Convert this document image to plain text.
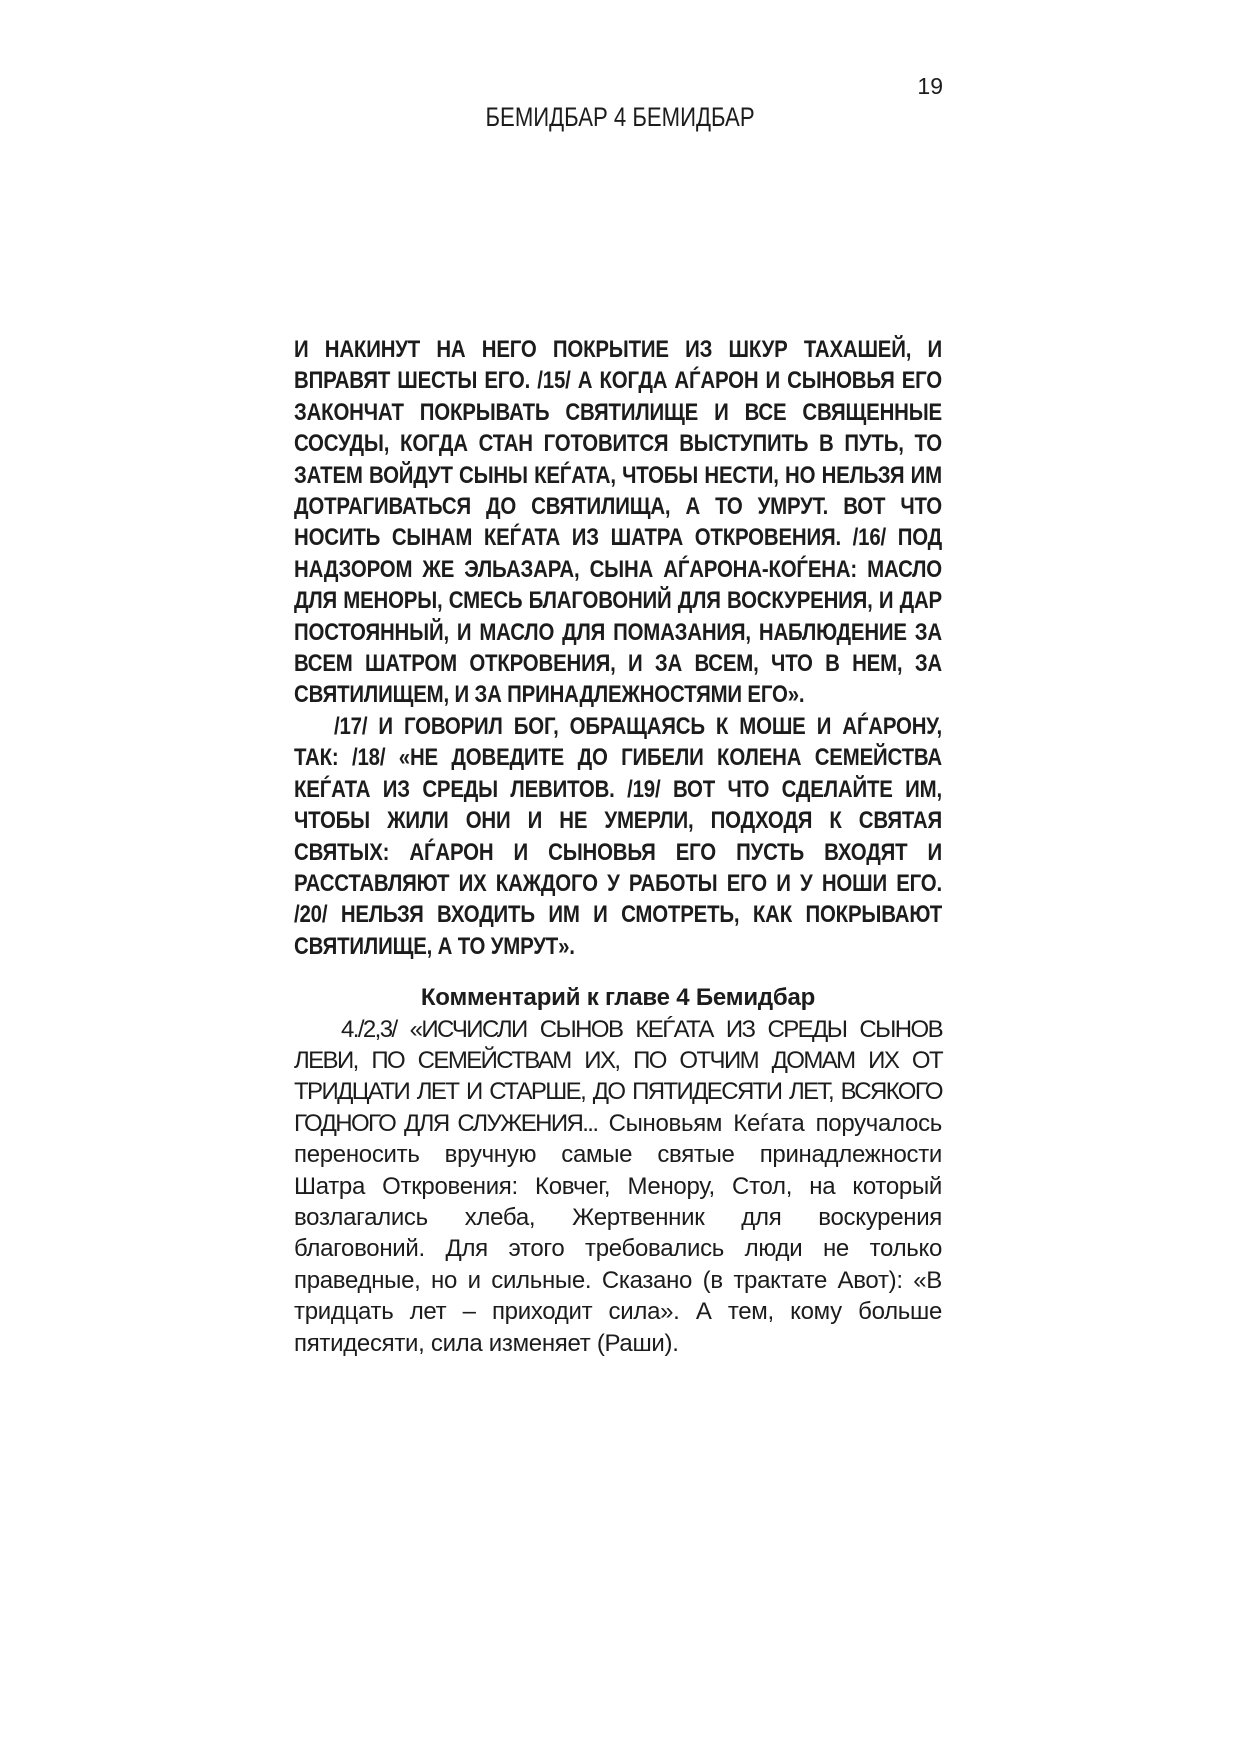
19
БЕМИДБАР 4 БЕМИДБАР

И НАКИНУТ НА НЕГО ПОКРЫТИЕ ИЗ ШКУР ТАХАШЕЙ, И ВПРАВЯТ ШЕСТЫ ЕГО. /15/ А КОГДА АЃАРОН И СЫНОВЬЯ ЕГО ЗАКОНЧАТ ПОКРЫВАТЬ СВЯТИЛИЩЕ И ВСЕ СВЯЩЕННЫЕ СОСУДЫ, КОГДА СТАН ГОТОВИТСЯ ВЫСТУПИТЬ В ПУТЬ, ТО ЗАТЕМ ВОЙДУТ СЫНЫ КЕЃАТА, ЧТОБЫ НЕСТИ, НО НЕЛЬЗЯ ИМ ДОТРАГИВАТЬСЯ ДО СВЯТИЛИЩА, А ТО УМРУТ. ВОТ ЧТО НОСИТЬ СЫНАМ КЕЃАТА ИЗ ШАТРА ОТКРОВЕНИЯ. /16/ ПОД НАДЗОРОМ ЖЕ ЭЛЬАЗАРА, СЫНА АЃАРОНА-КОЃЕНА: МАСЛО ДЛЯ МЕНОРЫ, СМЕСЬ БЛАГОВОНИЙ ДЛЯ ВОСКУРЕНИЯ, И ДАР ПОСТОЯННЫЙ, И МАСЛО ДЛЯ ПОМАЗАНИЯ, НАБЛЮДЕНИЕ ЗА ВСЕМ ШАТРОМ ОТКРОВЕНИЯ, И ЗА ВСЕМ, ЧТО В НЕМ, ЗА СВЯТИЛИЩЕМ, И ЗА ПРИНАДЛЕЖНОСТЯМИ ЕГО».

/17/ И ГОВОРИЛ БОГ, ОБРАЩАЯСЬ К МОШЕ И АЃАРОНУ, ТАК: /18/ «НЕ ДОВЕДИТЕ ДО ГИБЕЛИ КОЛЕНА СЕМЕЙСТВА КЕЃАТА ИЗ СРЕДЫ ЛЕВИТОВ. /19/ ВОТ ЧТО СДЕЛАЙТЕ ИМ, ЧТОБЫ ЖИЛИ ОНИ И НЕ УМЕРЛИ, ПОДХОДЯ К СВЯТАЯ СВЯТЫХ: АЃАРОН И СЫНОВЬЯ ЕГО ПУСТЬ ВХОДЯТ И РАССТАВЛЯЮТ ИХ КАЖДОГО У РАБОТЫ ЕГО И У НОШИ ЕГО. /20/ НЕЛЬЗЯ ВХОДИТЬ ИМ И СМОТРЕТЬ, КАК ПОКРЫВАЮТ СВЯТИЛИЩЕ, А ТО УМРУТ».

Комментарий к главе 4 Бемидбар

4./2,3/ «ИСЧИСЛИ СЫНОВ КЕЃАТА ИЗ СРЕДЫ СЫНОВ ЛЕВИ, ПО СЕМЕЙСТВАМ ИХ, ПО ОТЧИМ ДОМАМ ИХ ОТ ТРИДЦАТИ ЛЕТ И СТАРШЕ, ДО ПЯТИДЕСЯТИ ЛЕТ, ВСЯКОГО ГОДНОГО ДЛЯ СЛУЖЕНИЯ... Сыновьям Кеѓата поручалось переносить вручную самые святые принадлежности Шатра Откровения: Ковчег, Менору, Стол, на который возлагались хлеба, Жертвенник для воскурения благовоний. Для этого требовались люди не только праведные, но и сильные. Сказано (в трактате Авот): «В тридцать лет – приходит сила». А тем, кому больше пятидесяти, сила изменяет (Раши).
